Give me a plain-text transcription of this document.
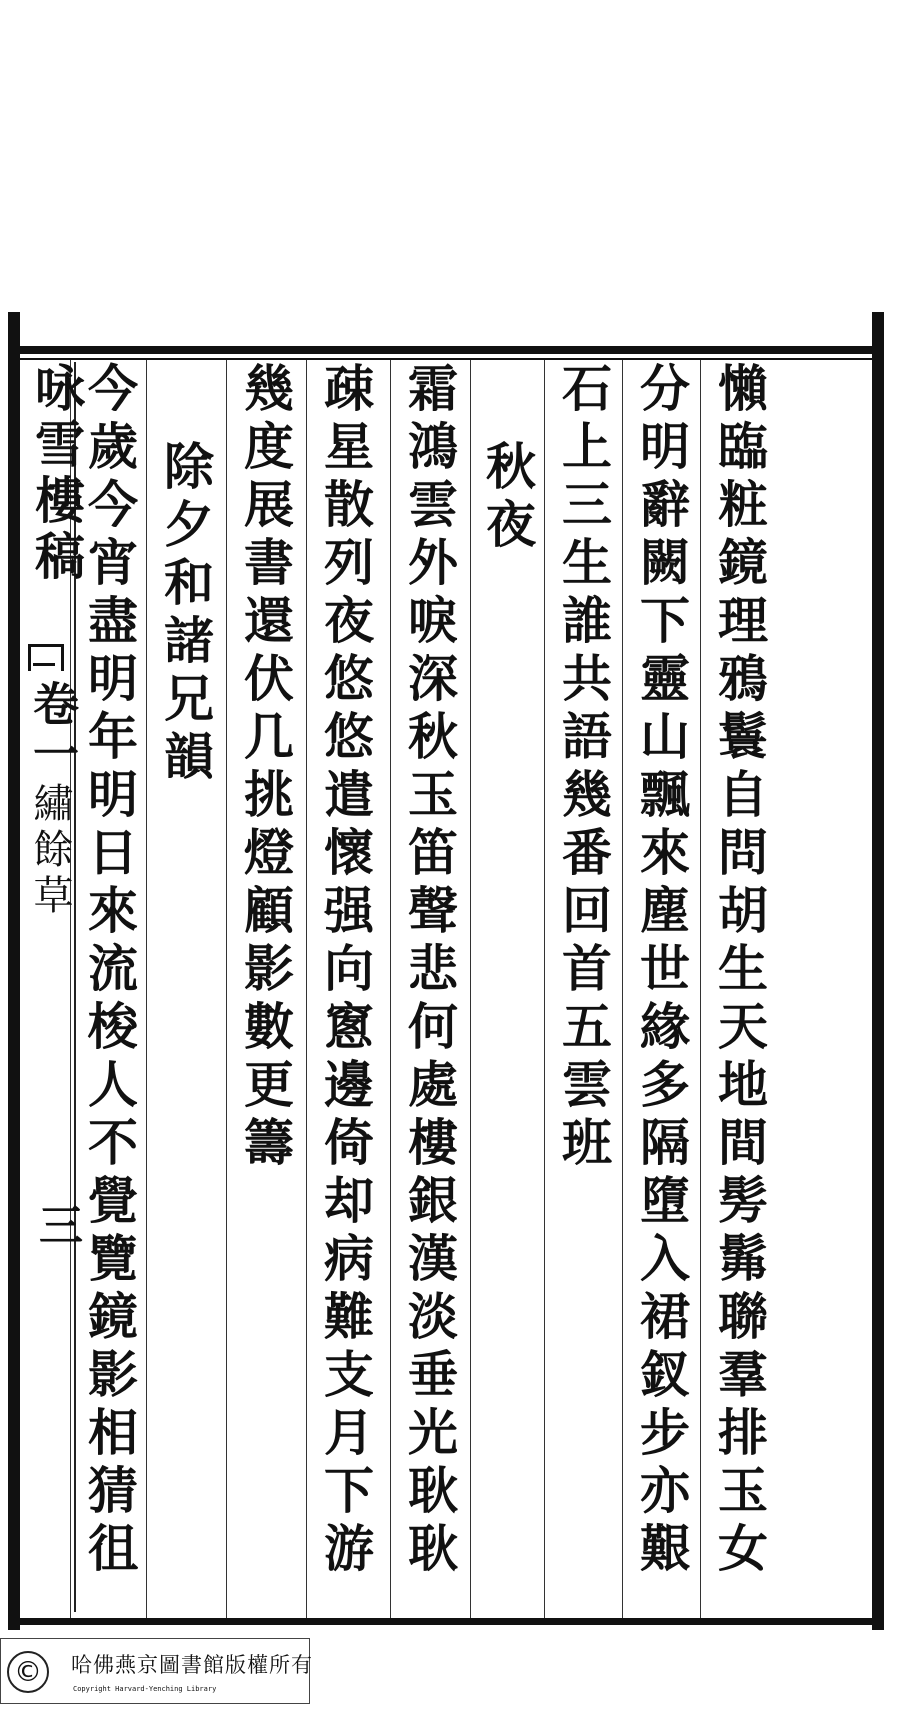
懶臨粧鏡理鴉鬟自問胡生天地間髣髴聯羣排玉女
分明辭闕下靈山飄來塵世緣多隔墮入裙釵步亦艱
石上三生誰共語幾番回首五雲班
秋夜
霜鴻雲外唳深秋玉笛聲悲何處樓銀漢淡垂光耿耿
疎星散列夜悠悠遣懷强向窻邊倚却病難支月下游
幾度展書還伏几挑燈顧影數更籌
除夕和諸兄韻
今歲今宵盡明年明日來流梭人不覺覽鏡影相猜徂
咏雪樓稿
卷一
繡餘草
三
©	哈佛燕京圖書館版權所有
Copyright Harvard-Yenching Library
